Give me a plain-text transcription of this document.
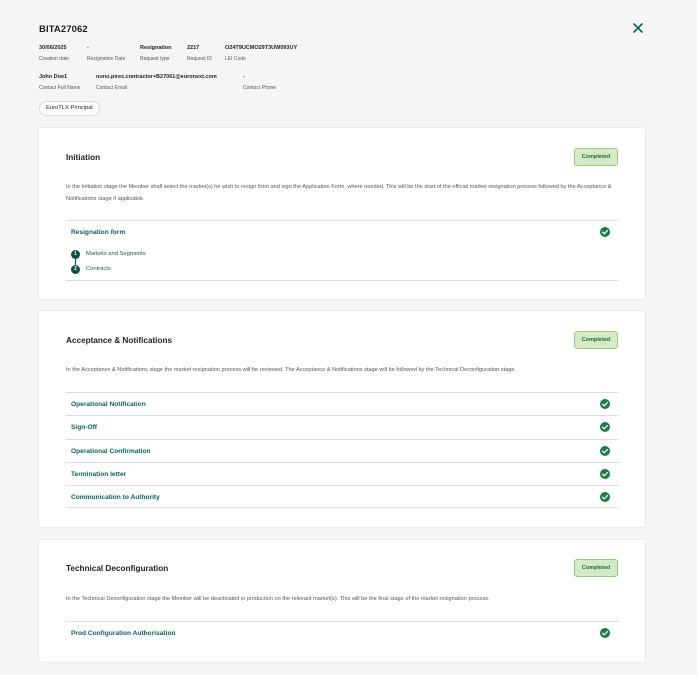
BITA27062
30/06/2025
Creation date
-
Resignation Date
Resignation
Request type
2217
Request ID
O24T9UCMO29T3UW093UY
LEI Code
John Doe1
Contact Full Name
nuno.pires.contractor+B27061@euronext.com
Contact Email
-
Contact Phone
EuroTLX Principal
Initiation	Completed
In the Initiation stage the Member shall select the market(s) he wish to resign from and sign the Application Form, where needed. This will be the start of the official market resignation process followed by the Acceptance & Notifications stage if applicable.
Resignation form
1	Markets and Segments
2	Contracts
Acceptance & Notifications	Completed
In the Acceptance & Notifications stage the market resignation process will be reviewed. The Acceptance & Notifications stage will be followed by the Technical Deconfiguration stage.
Operational Notification
Sign-Off
Operational Confirmation
Termination letter
Communication to Authority
Technical Deconfiguration	Completed
In the Technical Deconfiguration stage the Member will be deactivated in production on the relevant market(s). This will be the final stage of the market resignation process.
Prod Configuration Authorisation
